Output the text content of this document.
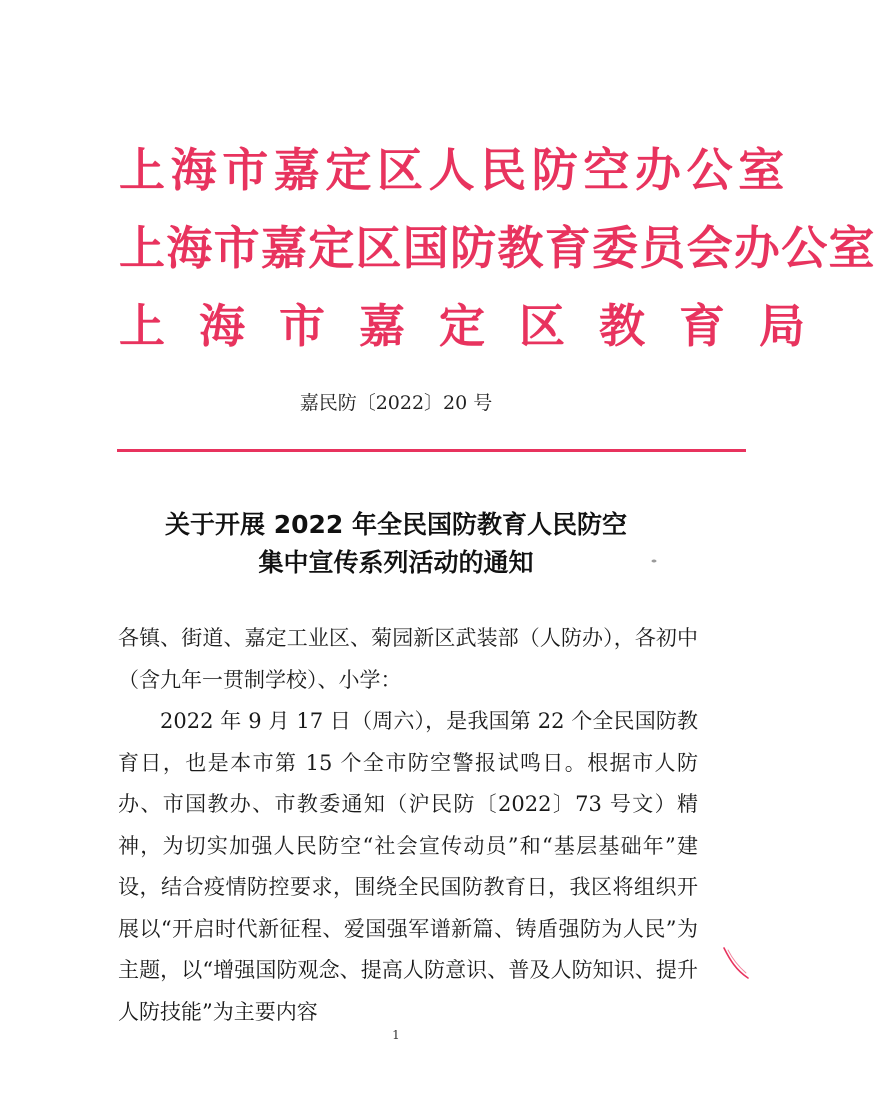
上海市嘉定区人民防空办公室
上海市嘉定区国防教育委员会办公室
上海市嘉定区教育局
嘉民防〔2022〕20 号
关于开展 2022 年全民国防教育人民防空
集中宣传系列活动的通知

各镇、街道、嘉定工业区、菊园新区武装部（人防办），各初中（含九年一贯制学校）、小学：

2022 年 9 月 17 日（周六），是我国第 22 个全民国防教育日，也是本市第 15 个全市防空警报试鸣日。根据市人防办、市国教办、市教委通知（沪民防〔2022〕73 号文）精神，为切实加强人民防空“社会宣传动员”和“基层基础年”建设，结合疫情防控要求，围绕全民国防教育日，我区将组织开展以“开启时代新征程、爱国强军谱新篇、铸盾强防为人民”为主题，以“增强国防观念、提高人防意识、普及人防知识、提升人防技能”为主要内容

1
